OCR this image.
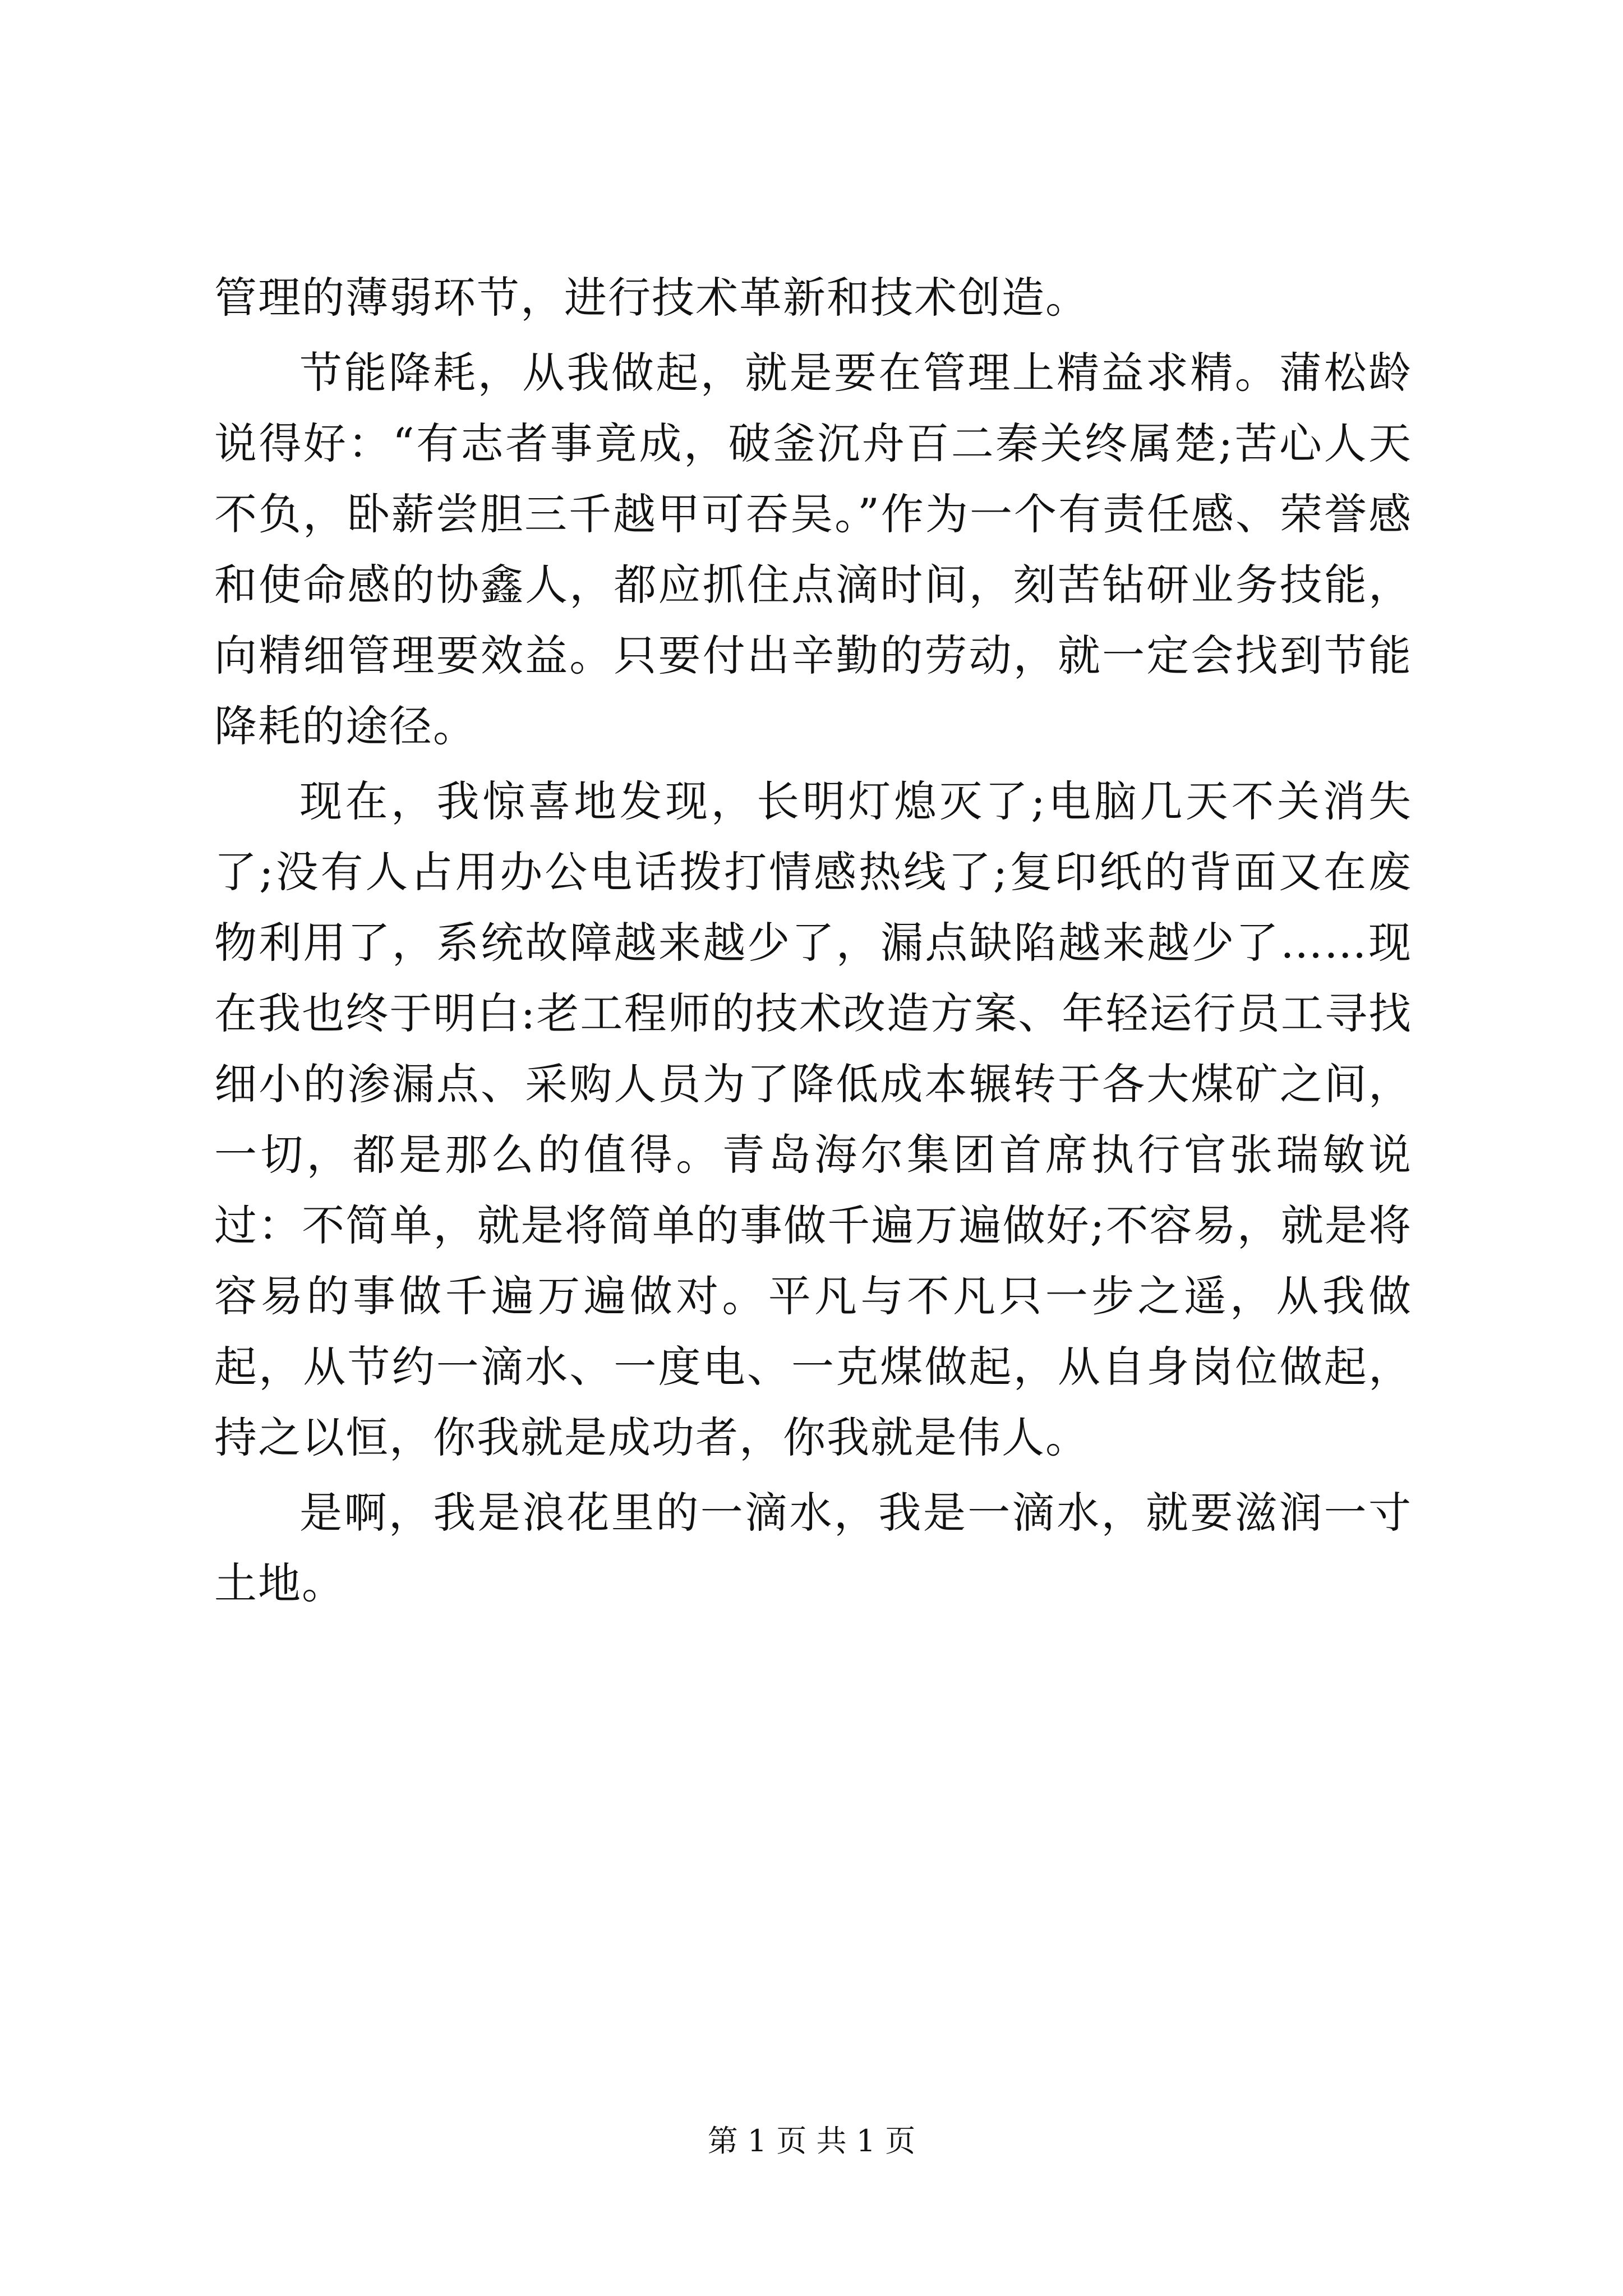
管理的薄弱环节，进行技术革新和技术创造。

节能降耗，从我做起，就是要在管理上精益求精。蒲松龄说得好：“有志者事竟成，破釜沉舟百二秦关终属楚;苦心人天不负，卧薪尝胆三千越甲可吞吴。”作为一个有责任感、荣誉感和使命感的协鑫人，都应抓住点滴时间，刻苦钻研业务技能，向精细管理要效益。只要付出辛勤的劳动，就一定会找到节能降耗的途径。

现在，我惊喜地发现，长明灯熄灭了;电脑几天不关消失了;没有人占用办公电话拨打情感热线了;复印纸的背面又在废物利用了，系统故障越来越少了，漏点缺陷越来越少了……现在我也终于明白:老工程师的技术改造方案、年轻运行员工寻找细小的渗漏点、采购人员为了降低成本辗转于各大煤矿之间，一切，都是那么的值得。青岛海尔集团首席执行官张瑞敏说过：不简单，就是将简单的事做千遍万遍做好;不容易，就是将容易的事做千遍万遍做对。平凡与不凡只一步之遥，从我做起，从节约一滴水、一度电、一克煤做起，从自身岗位做起，持之以恒，你我就是成功者，你我就是伟人。

是啊，我是浪花里的一滴水，我是一滴水，就要滋润一寸土地。

第 1 页 共 1 页
